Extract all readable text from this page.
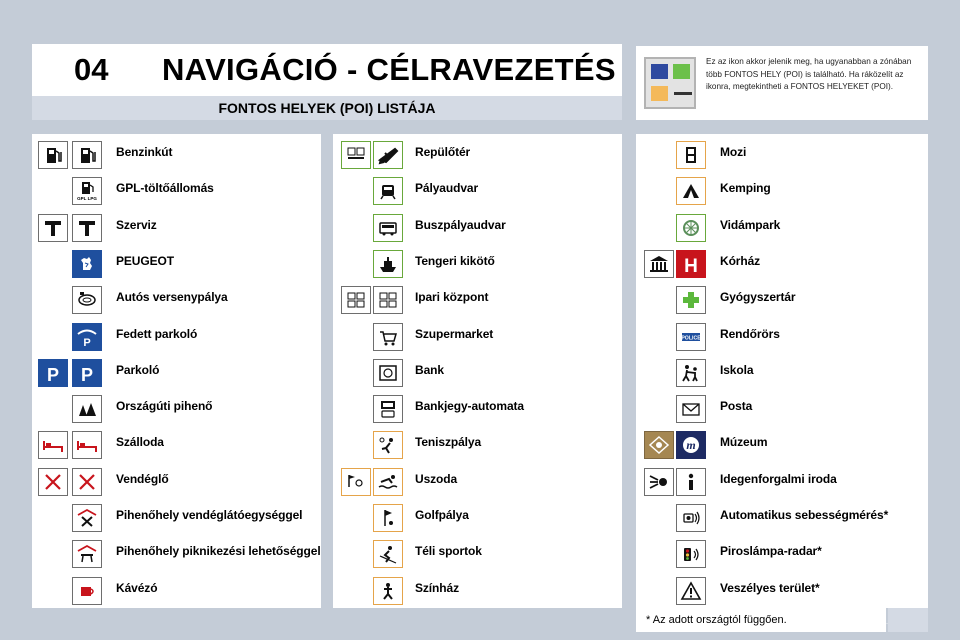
04	NAVIGÁCIÓ - CÉLRAVEZETÉS
FONTOS HELYEK (POI) LISTÁJA
Ez az ikon akkor jelenik meg, ha ugyanabban a zónában több FONTOS HELY (POI) is található. Ha ráközelít az ikonra, megtekintheti a FONTOS HELYEKET (POI).
Benzinkút
GPL LPG
GPL-töltőállomás
Szerviz
PEUGEOT
Autós versenypálya
P
Fedett parkoló
P P Parkoló
Országúti pihenő
Szálloda
Vendéglő
Pihenőhely vendéglátóegységgel
Pihenőhely piknikezési lehetőséggel
Kávézó
Repülőtér
Pályaudvar
Buszpályaudvar
Tengeri kikötő
Ipari központ
Szupermarket
Bank
Bankjegy-automata
Teniszpálya
Uszoda
Golfpálya
Téli sportok
Színház
Mozi
Kemping
Vidámpark
H Kórház
Gyógyszertár
POLICE Rendőrörs
Iskola
Posta
m Múzeum
Idegenforgalmi iroda
Automatikus sebességmérés*
Piroslámpa-radar*
Veszélyes terület*
* Az adott országtól függően.
